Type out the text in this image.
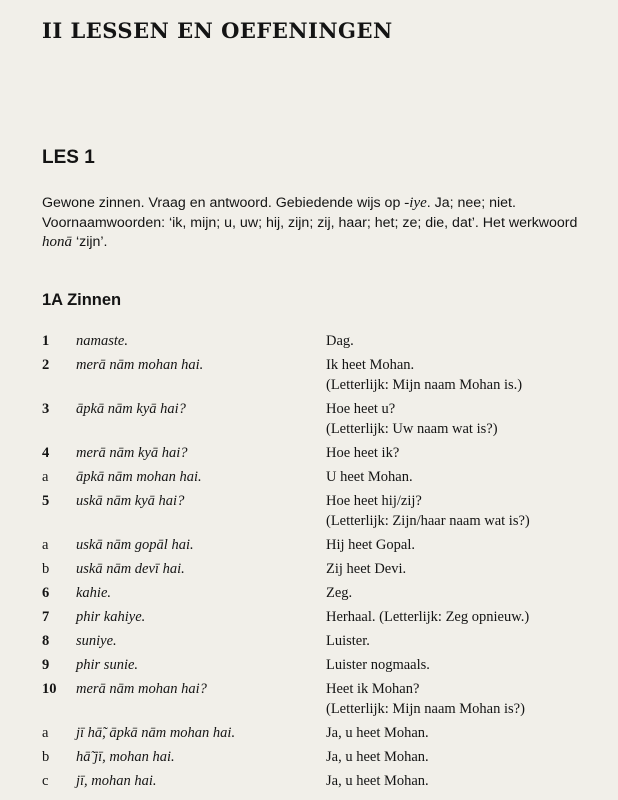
II LESSEN EN OEFENINGEN
LES 1

Gewone zinnen. Vraag en antwoord. Gebiedende wijs op -iye. Ja; nee; niet. Voornaamwoorden: ‘ik, mijn; u, uw; hij, zijn; zij, haar; het; ze; die, dat’. Het werkwoord honā ‘zijn’.

1A Zinnen
1 namaste.	Dag.
2 merā nām mohan hai.	Ik heet Mohan.
(Letterlijk: Mijn naam Mohan is.)
3 āpkā nām kyā hai?	Hoe heet u?
(Letterlijk: Uw naam wat is?)
4 merā nām kyā hai?	Hoe heet ik?
a āpkā nām mohan hai.	U heet Mohan.
5 uskā nām kyā hai?	Hoe heet hij/zij?
(Letterlijk: Zijn/haar naam wat is?)
a uskā nām gopāl hai.	Hij heet Gopal.
b uskā nām devī hai.	Zij heet Devi.
6 kahie.	Zeg.
7 phir kahiye.	Herhaal. (Letterlijk: Zeg opnieuw.)
8 suniye.	Luister.
9 phir sunie.	Luister nogmaals.
10 merā nām mohan hai?	Heet ik Mohan?
(Letterlijk: Mijn naam Mohan is?)
a jī hā̃, āpkā nām mohan hai.	Ja, u heet Mohan.
b hā̃ jī, mohan hai.	Ja, u heet Mohan.
c jī, mohan hai.	Ja, u heet Mohan.
